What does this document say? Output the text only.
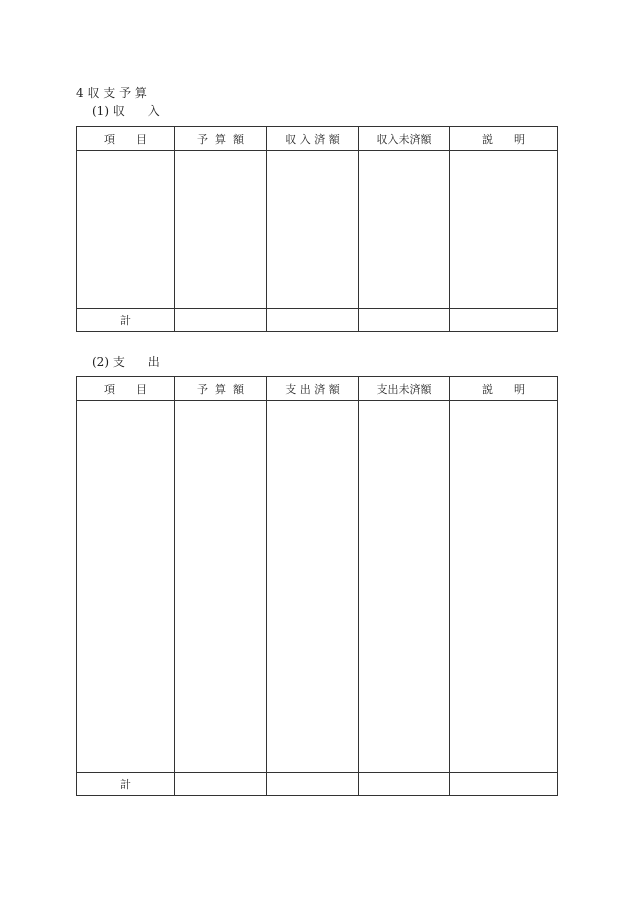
4 収 支 予 算
(1) 収      入
項      目	予  算  額	収 入 済 額	収入未済額	説      明

計				
(2) 支      出
項      目	予  算  額	支 出 済 額	支出未済額	説      明

計				
